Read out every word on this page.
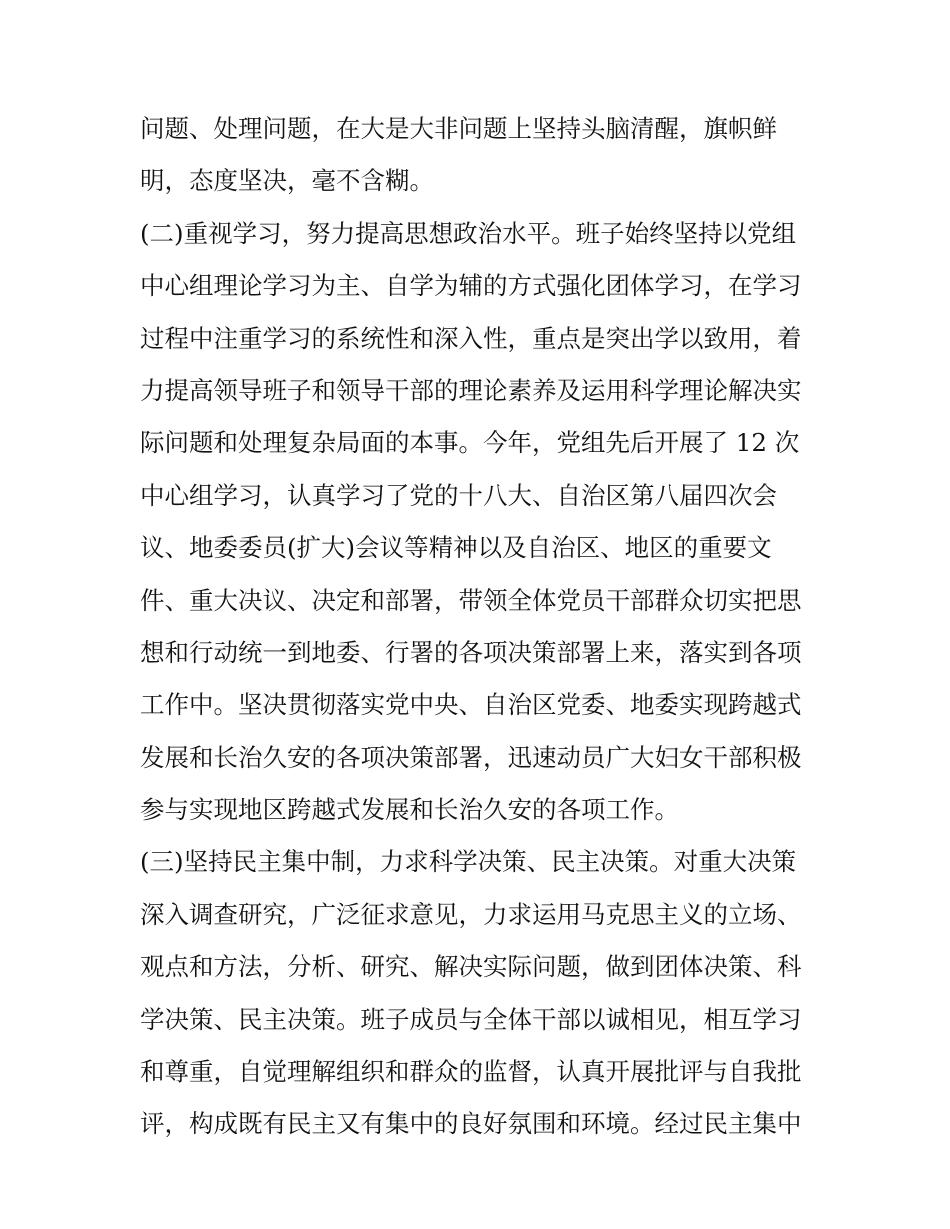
问题、处理问题，在大是大非问题上坚持头脑清醒，旗帜鲜
明，态度坚决，毫不含糊。
(二)重视学习，努力提高思想政治水平。班子始终坚持以党组
中心组理论学习为主、自学为辅的方式强化团体学习，在学习
过程中注重学习的系统性和深入性，重点是突出学以致用，着
力提高领导班子和领导干部的理论素养及运用科学理论解决实
际问题和处理复杂局面的本事。今年，党组先后开展了 12 次
中心组学习，认真学习了党的十八大、自治区第八届四次会
议、地委委员(扩大)会议等精神以及自治区、地区的重要文
件、重大决议、决定和部署，带领全体党员干部群众切实把思
想和行动统一到地委、行署的各项决策部署上来，落实到各项
工作中。坚决贯彻落实党中央、自治区党委、地委实现跨越式
发展和长治久安的各项决策部署，迅速动员广大妇女干部积极
参与实现地区跨越式发展和长治久安的各项工作。
(三)坚持民主集中制，力求科学决策、民主决策。对重大决策
深入调查研究，广泛征求意见，力求运用马克思主义的立场、
观点和方法，分析、研究、解决实际问题，做到团体决策、科
学决策、民主决策。班子成员与全体干部以诚相见，相互学习
和尊重，自觉理解组织和群众的监督，认真开展批评与自我批
评，构成既有民主又有集中的良好氛围和环境。经过民主集中
